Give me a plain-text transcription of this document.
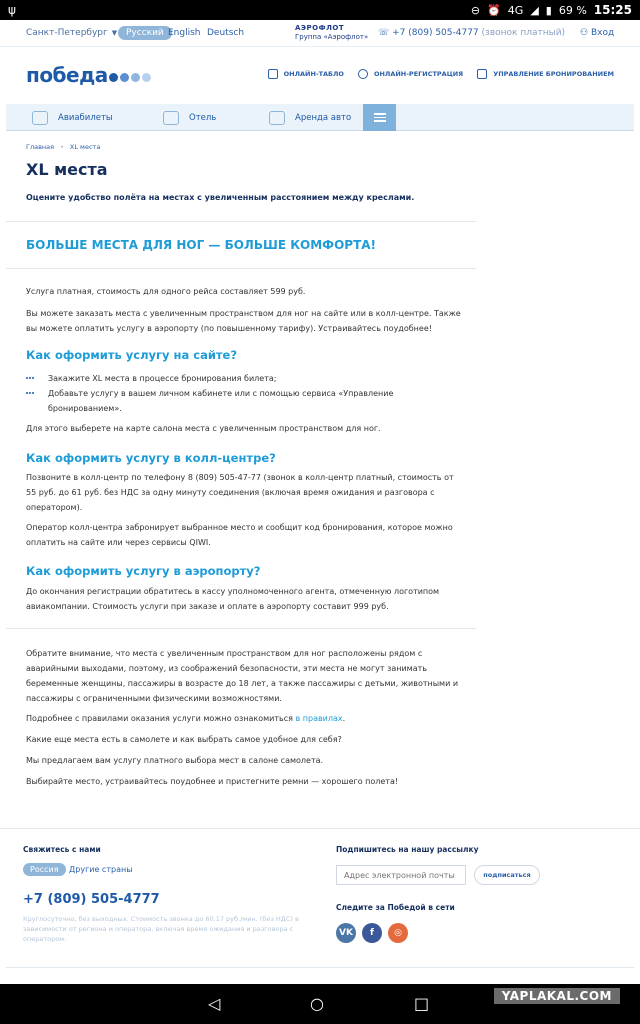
ψ	⊖ ⏰ 4G ◢ ▮ 69 % 15:25
Санкт-Петербург ▼ Русский English Deutsch	АЭРОФЛОТ
Группа «Аэрофлот» ☏ +7 (809) 505-4777 (звонок платный) ⚇ Вход
победа	ОНЛАЙН-ТАБЛО	ОНЛАЙН-РЕГИСТРАЦИЯ	УПРАВЛЕНИЕ БРОНИРОВАНИЕМ
Авиабилеты	Отель	Аренда авто
Главная • XL места
XL места
Оцените удобство полёта на местах с увеличенным расстоянием между креслами.
БОЛЬШЕ МЕСТА ДЛЯ НОГ — БОЛЬШЕ КОМФОРТА!
Услуга платная, стоимость для одного рейса составляет 599 руб.
Вы можете заказать места с увеличенным пространством для ног на сайте или в колл-центре. Также вы можете оплатить услугу в аэропорту (по повышенному тарифу). Устраивайтесь поудобнее!
Как оформить услугу на сайте?
Закажите XL места в процессе бронирования билета;
Добавьте услугу в вашем личном кабинете или с помощью сервиса «Управление бронированием».
Для этого выберете на карте салона места с увеличенным пространством для ног.
Как оформить услугу в колл-центре?
Позвоните в колл-центр по телефону 8 (809) 505-47-77 (звонок в колл-центр платный, стоимость от 55 руб. до 61 руб. без НДС за одну минуту соединения (включая время ожидания и разговора с оператором).
Оператор колл-центра забронирует выбранное место и сообщит код бронирования, которое можно оплатить на сайте или через сервисы QIWI.
Как оформить услугу в аэропорту?
До окончания регистрации обратитесь в кассу уполномоченного агента, отмеченную логотипом авиакомпании. Стоимость услуги при заказе и оплате в аэропорту составит 999 руб.
Обратите внимание, что места с увеличенным пространством для ног расположены рядом с аварийными выходами, поэтому, из соображений безопасности, эти места не могут занимать беременные женщины, пассажиры в возрасте до 18 лет, а также пассажиры с детьми, животными и пассажиры с ограниченными физическими возможностями.
Подробнее с правилами оказания услуги можно ознакомиться в правилах.
Какие еще места есть в самолете и как выбрать самое удобное для себя?
Мы предлагаем вам услугу платного выбора мест в салоне самолета.
Выбирайте место, устраивайтесь поудобнее и пристегните ремни — хорошего полета!
Свяжитесь с нами
Россия	Другие страны
+7 (809) 505-4777
Круглосуточно, без выходных. Стоимость звонка до 60.17 руб./мин. (без НДС) в зависимости от региона и оператора, включая время ожидания и разговора с оператором.
Подпишитесь на нашу рассылку
Адрес электронной почты
подписаться
Следите за Победой в сети
VK	f	◎
◁	○	□	YAPLAKAL.COM
